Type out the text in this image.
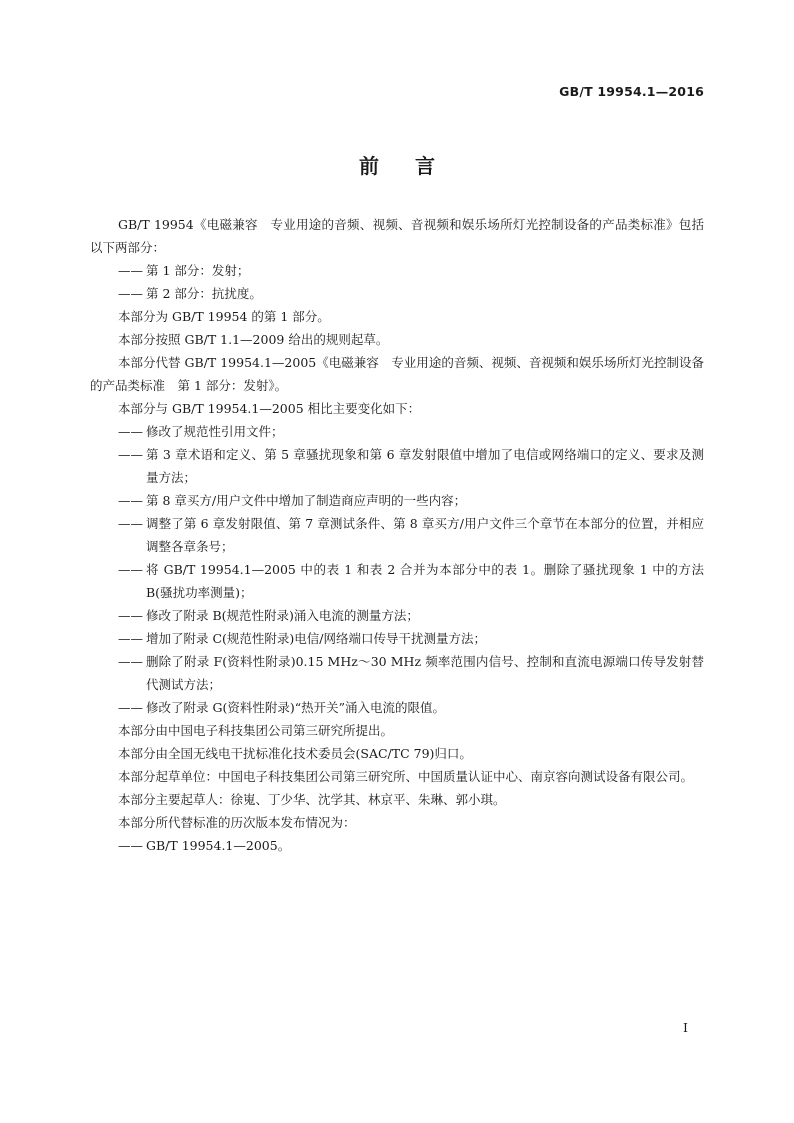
GB/T 19954.1—2016
前言
GB/T 19954《电磁兼容　专业用途的音频、视频、音视频和娱乐场所灯光控制设备的产品类标准》包括以下两部分：
—— 第 1 部分：发射；
—— 第 2 部分：抗扰度。
本部分为 GB/T 19954 的第 1 部分。
本部分按照 GB/T 1.1—2009 给出的规则起草。
本部分代替 GB/T 19954.1—2005《电磁兼容　专业用途的音频、视频、音视频和娱乐场所灯光控制设备的产品类标准　第 1 部分：发射》。
本部分与 GB/T 19954.1—2005 相比主要变化如下：
—— 修改了规范性引用文件；
—— 第 3 章术语和定义、第 5 章骚扰现象和第 6 章发射限值中增加了电信或网络端口的定义、要求及测量方法；
—— 第 8 章买方/用户文件中增加了制造商应声明的一些内容；
—— 调整了第 6 章发射限值、第 7 章测试条件、第 8 章买方/用户文件三个章节在本部分的位置，并相应调整各章条号；
—— 将 GB/T 19954.1—2005 中的表 1 和表 2 合并为本部分中的表 1。删除了骚扰现象 1 中的方法 B(骚扰功率测量)；
—— 修改了附录 B(规范性附录)涌入电流的测量方法；
—— 增加了附录 C(规范性附录)电信/网络端口传导干扰测量方法；
—— 删除了附录 F(资料性附录)0.15 MHz～30 MHz 频率范围内信号、控制和直流电源端口传导发射替代测试方法；
—— 修改了附录 G(资料性附录)“热开关”涌入电流的限值。
本部分由中国电子科技集团公司第三研究所提出。
本部分由全国无线电干扰标准化技术委员会(SAC/TC 79)归口。
本部分起草单位：中国电子科技集团公司第三研究所、中国质量认证中心、南京容向测试设备有限公司。
本部分主要起草人：徐嵬、丁少华、沈学其、林京平、朱琳、郭小琪。
本部分所代替标准的历次版本发布情况为：
—— GB/T 19954.1—2005。
I
